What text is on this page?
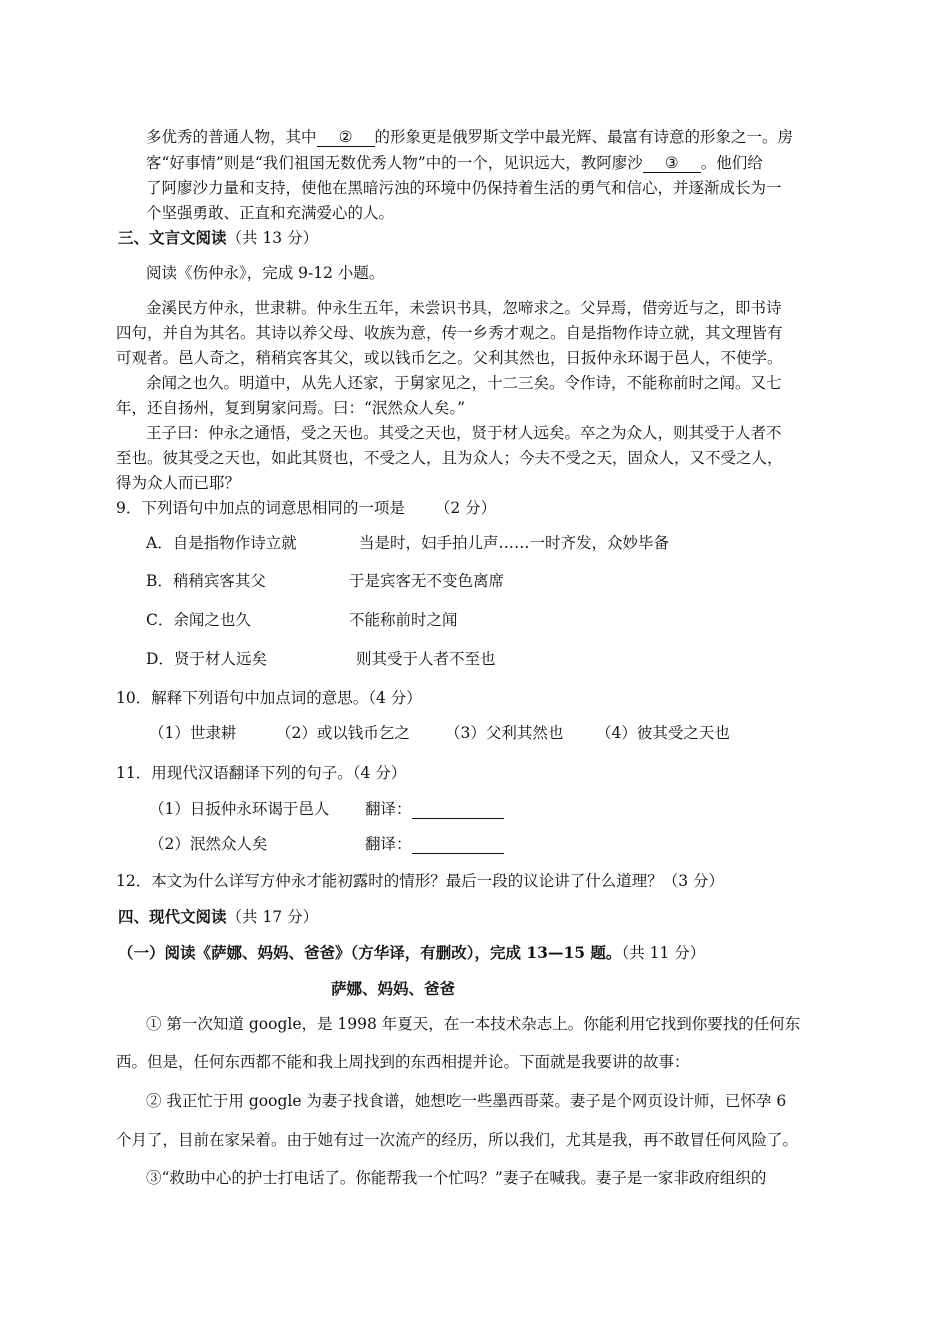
多优秀的普通人物，其中 ② 的形象更是俄罗斯文学中最光辉、最富有诗意的形象之一。房
客“好事情”则是“我们祖国无数优秀人物”中的一个，见识远大，教阿廖沙 ③ 。他们给
了阿廖沙力量和支持，使他在黑暗污浊的环境中仍保持着生活的勇气和信心，并逐渐成长为一
个坚强勇敢、正直和充满爱心的人。
三、文言文阅读（共 13 分）
阅读《伤仲永》，完成 9-12 小题。
金溪民方仲永，世隶耕。仲永生五年，未尝识书具，忽啼求之。父异焉，借旁近与之，即书诗
四句，并自为其名。其诗以养父母、收族为意，传一乡秀才观之。自是指物作诗立就，其文理皆有
可观者。邑人奇之，稍稍宾客其父，或以钱币乞之。父利其然也，日扳仲永环谒于邑人，不使学。
余闻之也久。明道中，从先人还家，于舅家见之，十二三矣。令作诗，不能称前时之闻。又七
年，还自扬州，复到舅家问焉。曰：“泯然众人矣。”
王子曰：仲永之通悟，受之天也。其受之天也，贤于材人远矣。卒之为众人，则其受于人者不
至也。彼其受之天也，如此其贤也，不受之人，且为众人；今夫不受之天，固众人，又不受之人，
得为众人而已耶？
9．下列语句中加点的词意思相同的一项是 （2 分）
A．自是指物作诗立就	当是时，妇手拍儿声……一时齐发，众妙毕备
B．稍稍宾客其父	于是宾客无不变色离席
C．余闻之也久	不能称前时之闻
D．贤于材人远矣	则其受于人者不至也
10．解释下列语句中加点词的意思。（4 分）
（1）世隶耕	（2）或以钱币乞之 （3）父利其然也 （4）彼其受之天也
11．用现代汉语翻译下列的句子。（4 分）
（1）日扳仲永环谒于邑人 翻译：
（2）泯然众人矣	翻译：
12．本文为什么详写方仲永才能初露时的情形？最后一段的议论讲了什么道理？（3 分）
四、现代文阅读（共 17 分）
（一）阅读《萨娜、妈妈、爸爸》（方华译，有删改），完成 13—15 题。（共 11 分）
萨娜、妈妈、爸爸
① 第一次知道 google，是 1998 年夏天，在一本技术杂志上。你能利用它找到你要找的任何东
西。但是，任何东西都不能和我上周找到的东西相提并论。下面就是我要讲的故事：
② 我正忙于用 google 为妻子找食谱，她想吃一些墨西哥菜。妻子是个网页设计师，已怀孕 6
个月了，目前在家呆着。由于她有过一次流产的经历，所以我们，尤其是我，再不敢冒任何风险了。
③“救助中心的护士打电话了。你能帮我一个忙吗？”妻子在喊我。妻子是一家非政府组织的
